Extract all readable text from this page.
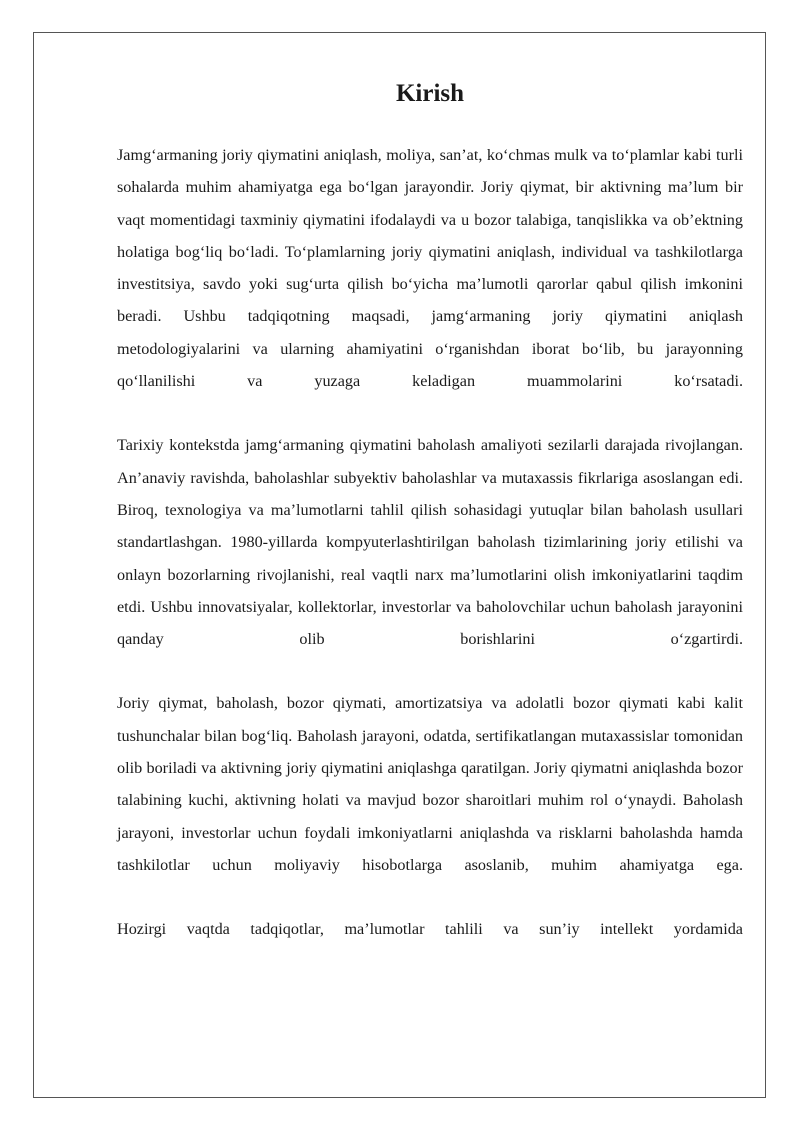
Kirish

Jamg‘armaning joriy qiymatini aniqlash, moliya, san’at, ko‘chmas mulk va to‘plamlar kabi turli sohalarda muhim ahamiyatga ega bo‘lgan jarayondir. Joriy qiymat, bir aktivning ma’lum bir vaqt momentidagi taxminiy qiymatini ifodalaydi va u bozor talabiga, tanqislikka va ob’ektning holatiga bog‘liq bo‘ladi. To‘plamlarning joriy qiymatini aniqlash, individual va tashkilotlarga investitsiya, savdo yoki sug‘urta qilish bo‘yicha ma’lumotli qarorlar qabul qilish imkonini beradi. Ushbu tadqiqotning maqsadi, jamg‘armaning joriy qiymatini aniqlash metodologiyalarini va ularning ahamiyatini o‘rganishdan iborat bo‘lib, bu jarayonning qo‘llanilishi va yuzaga keladigan muammolarini ko‘rsatadi.

Tarixiy kontekstda jamg‘armaning qiymatini baholash amaliyoti sezilarli darajada rivojlangan. An’anaviy ravishda, baholashlar subyektiv baholashlar va mutaxassis fikrlariga asoslangan edi. Biroq, texnologiya va ma’lumotlarni tahlil qilish sohasidagi yutuqlar bilan baholash usullari standartlashgan. 1980-yillarda kompyuterlashtirilgan baholash tizimlarining joriy etilishi va onlayn bozorlarning rivojlanishi, real vaqtli narx ma’lumotlarini olish imkoniyatlarini taqdim etdi. Ushbu innovatsiyalar, kollektorlar, investorlar va baholovchilar uchun baholash jarayonini qanday olib borishlarini o‘zgartirdi.

Joriy qiymat, baholash, bozor qiymati, amortizatsiya va adolatli bozor qiymati kabi kalit tushunchalar bilan bog‘liq. Baholash jarayoni, odatda, sertifikatlangan mutaxassislar tomonidan olib boriladi va aktivning joriy qiymatini aniqlashga qaratilgan. Joriy qiymatni aniqlashda bozor talabining kuchi, aktivning holati va mavjud bozor sharoitlari muhim rol o‘ynaydi. Baholash jarayoni, investorlar uchun foydali imkoniyatlarni aniqlashda va risklarni baholashda hamda tashkilotlar uchun moliyaviy hisobotlarga asoslanib, muhim ahamiyatga ega.

Hozirgi vaqtda tadqiqotlar, ma’lumotlar tahlili va sun’iy intellekt yordamida
